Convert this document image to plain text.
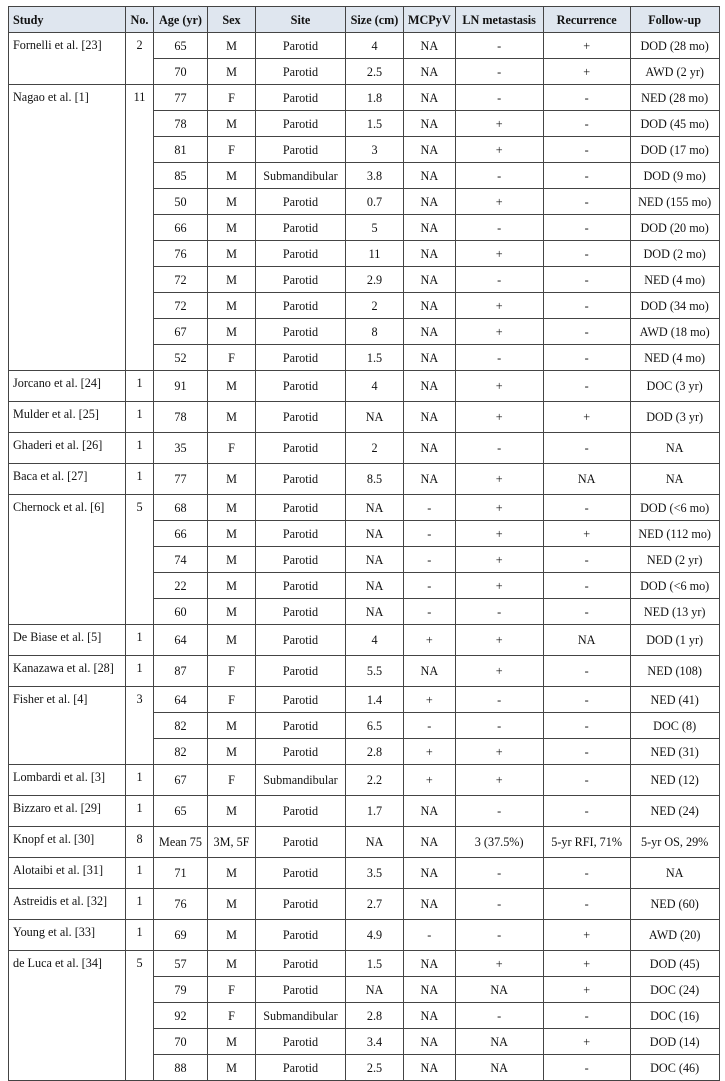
Study	No.	Age (yr)	Sex	Site	Size (cm)	MCPyV	LN metastasis	Recurrence	Follow-up
Fornelli et al. [23]	2	65	M	Parotid	4	NA	-	+	DOD (28 mo)
		70	M	Parotid	2.5	NA	-	+	AWD (2 yr)
Nagao et al. [1]	11	77	F	Parotid	1.8	NA	-	-	NED (28 mo)
		78	M	Parotid	1.5	NA	+	-	DOD (45 mo)
		81	F	Parotid	3	NA	+	-	DOD (17 mo)
		85	M	Submandibular	3.8	NA	-	-	DOD (9 mo)
		50	M	Parotid	0.7	NA	+	-	NED (155 mo)
		66	M	Parotid	5	NA	-	-	DOD (20 mo)
		76	M	Parotid	11	NA	+	-	DOD (2 mo)
		72	M	Parotid	2.9	NA	-	-	NED (4 mo)
		72	M	Parotid	2	NA	+	-	DOD (34 mo)
		67	M	Parotid	8	NA	+	-	AWD (18 mo)
		52	F	Parotid	1.5	NA	-	-	NED (4 mo)
Jorcano et al. [24]	1	91	M	Parotid	4	NA	+	-	DOC (3 yr)
Mulder et al. [25]	1	78	M	Parotid	NA	NA	+	+	DOD (3 yr)
Ghaderi et al. [26]	1	35	F	Parotid	2	NA	-	-	NA
Baca et al. [27]	1	77	M	Parotid	8.5	NA	+	NA	NA
Chernock et al. [6]	5	68	M	Parotid	NA	-	+	-	DOD (<6 mo)
		66	M	Parotid	NA	-	+	+	NED (112 mo)
		74	M	Parotid	NA	-	+	-	NED (2 yr)
		22	M	Parotid	NA	-	+	-	DOD (<6 mo)
		60	M	Parotid	NA	-	-	-	NED (13 yr)
De Biase et al. [5]	1	64	M	Parotid	4	+	+	NA	DOD (1 yr)
Kanazawa et al. [28]	1	87	F	Parotid	5.5	NA	+	-	NED (108)
Fisher et al. [4]	3	64	F	Parotid	1.4	+	-	-	NED (41)
		82	M	Parotid	6.5	-	-	-	DOC (8)
		82	M	Parotid	2.8	+	+	-	NED (31)
Lombardi et al. [3]	1	67	F	Submandibular	2.2	+	+	-	NED (12)
Bizzaro et al. [29]	1	65	M	Parotid	1.7	NA	-	-	NED (24)
Knopf et al. [30]	8	Mean 75	3M, 5F	Parotid	NA	NA	3 (37.5%)	5-yr RFI, 71%	5-yr OS, 29%
Alotaibi et al. [31]	1	71	M	Parotid	3.5	NA	-	-	NA
Astreidis et al. [32]	1	76	M	Parotid	2.7	NA	-	-	NED (60)
Young et al. [33]	1	69	M	Parotid	4.9	-	-	+	AWD (20)
de Luca et al. [34]	5	57	M	Parotid	1.5	NA	+	+	DOD (45)
		79	F	Parotid	NA	NA	NA	+	DOC (24)
		92	F	Submandibular	2.8	NA	-	-	DOC (16)
		70	M	Parotid	3.4	NA	NA	+	DOD (14)
		88	M	Parotid	2.5	NA	NA	-	DOC (46)
